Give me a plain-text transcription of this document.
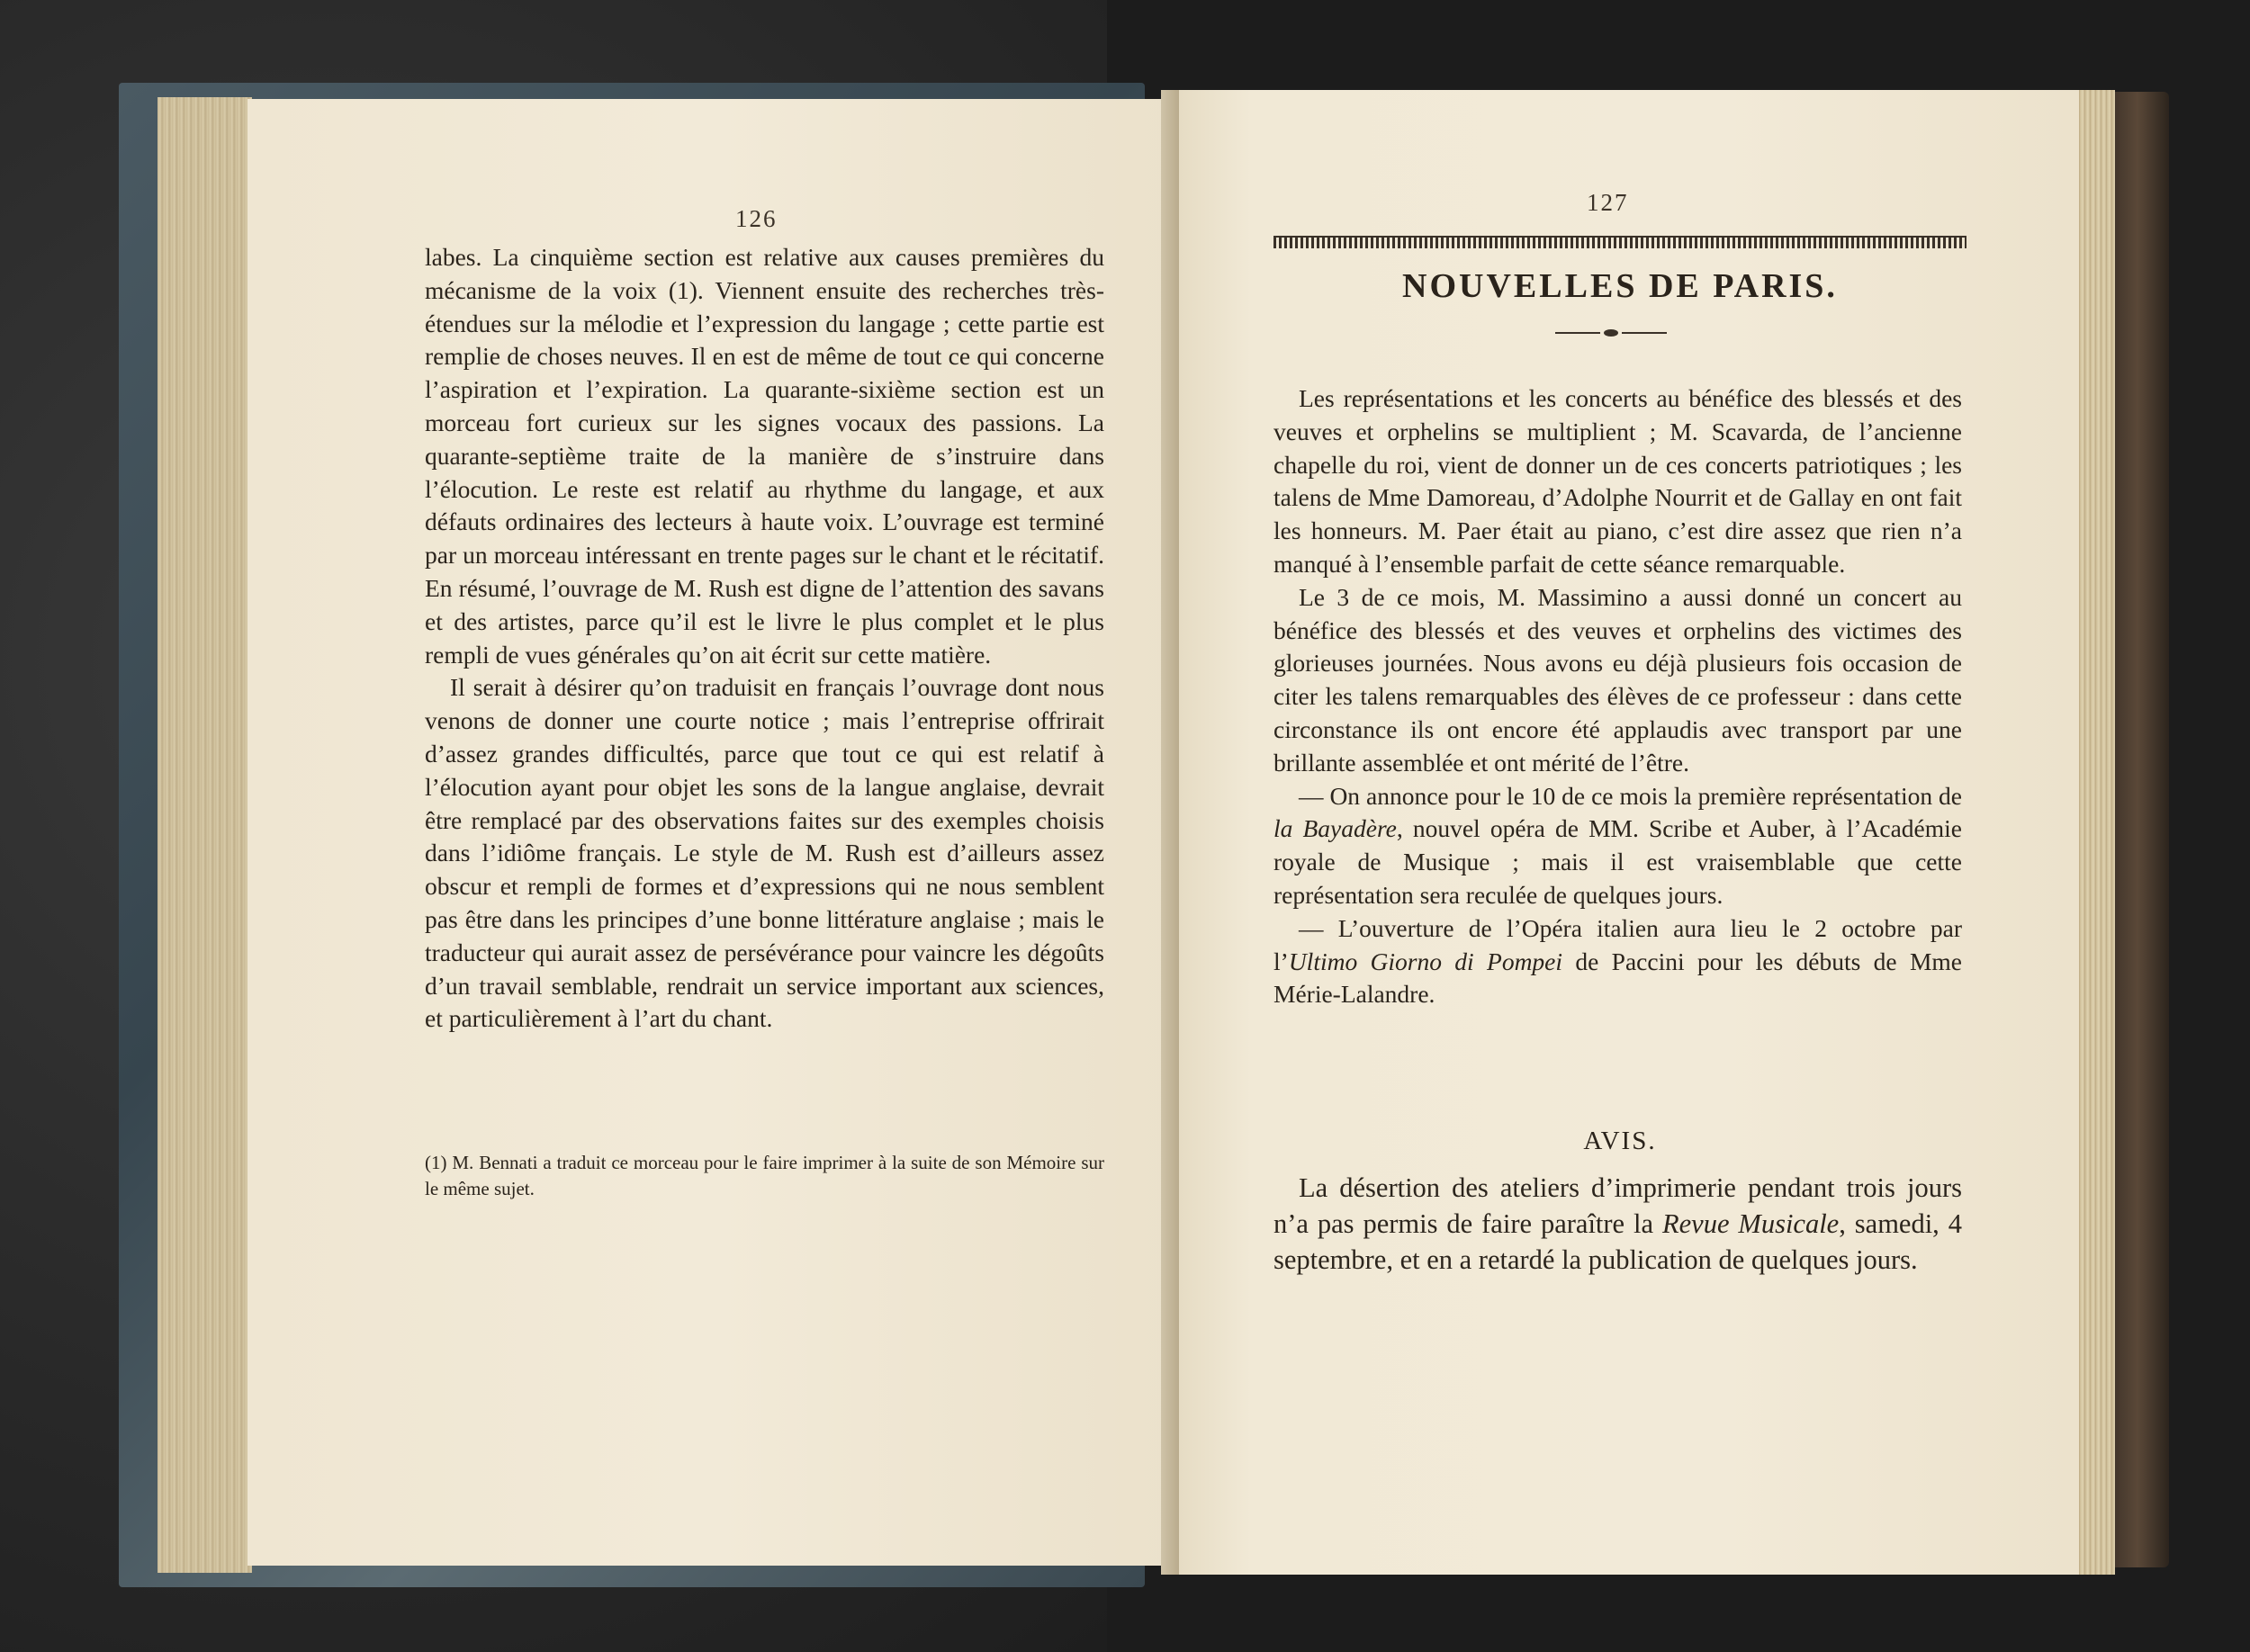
126

labes. La cinquième section est relative aux causes premières du mécanisme de la voix (1). Viennent ensuite des recherches très-étendues sur la mélodie et l’expression du langage ; cette partie est remplie de choses neuves. Il en est de même de tout ce qui concerne l’aspiration et l’expiration. La quarante-sixième section est un morceau fort curieux sur les signes vocaux des passions. La quarante-septième traite de la manière de s’instruire dans l’élocution. Le reste est relatif au rhythme du langage, et aux défauts ordinaires des lecteurs à haute voix. L’ouvrage est terminé par un morceau intéressant en trente pages sur le chant et le récitatif. En résumé, l’ouvrage de M. Rush est digne de l’attention des savans et des artistes, parce qu’il est le livre le plus complet et le plus rempli de vues générales qu’on ait écrit sur cette matière.

Il serait à désirer qu’on traduisit en français l’ouvrage dont nous venons de donner une courte notice ; mais l’entreprise offrirait d’assez grandes difficultés, parce que tout ce qui est relatif à l’élocution ayant pour objet les sons de la langue anglaise, devrait être remplacé par des observations faites sur des exemples choisis dans l’idiôme français. Le style de M. Rush est d’ailleurs assez obscur et rempli de formes et d’expressions qui ne nous semblent pas être dans les principes d’une bonne littérature anglaise ; mais le traducteur qui aurait assez de persévérance pour vaincre les dégoûts d’un travail semblable, rendrait un service important aux sciences, et particulièrement à l’art du chant.

(1) M. Bennati a traduit ce morceau pour le faire imprimer à la suite de son Mémoire sur le même sujet.
127
NOUVELLES DE PARIS.

Les représentations et les concerts au bénéfice des blessés et des veuves et orphelins se multiplient ; M. Scavarda, de l’ancienne chapelle du roi, vient de donner un de ces concerts patriotiques ; les talens de Mme Damoreau, d’Adolphe Nourrit et de Gallay en ont fait les honneurs. M. Paer était au piano, c’est dire assez que rien n’a manqué à l’ensemble parfait de cette séance remarquable.

Le 3 de ce mois, M. Massimino a aussi donné un concert au bénéfice des blessés et des veuves et orphelins des victimes des glorieuses journées. Nous avons eu déjà plusieurs fois occasion de citer les talens remarquables des élèves de ce professeur : dans cette circonstance ils ont encore été applaudis avec transport par une brillante assemblée et ont mérité de l’être.

— On annonce pour le 10 de ce mois la première représentation de la Bayadère, nouvel opéra de MM. Scribe et Auber, à l’Académie royale de Musique ; mais il est vraisemblable que cette représentation sera reculée de quelques jours.

— L’ouverture de l’Opéra italien aura lieu le 2 octobre par l’Ultimo Giorno di Pompei de Paccini pour les débuts de Mme Mérie-Lalandre.

AVIS.

La désertion des ateliers d’imprimerie pendant trois jours n’a pas permis de faire paraître la Revue Musicale, samedi, 4 septembre, et en a retardé la publication de quelques jours.
